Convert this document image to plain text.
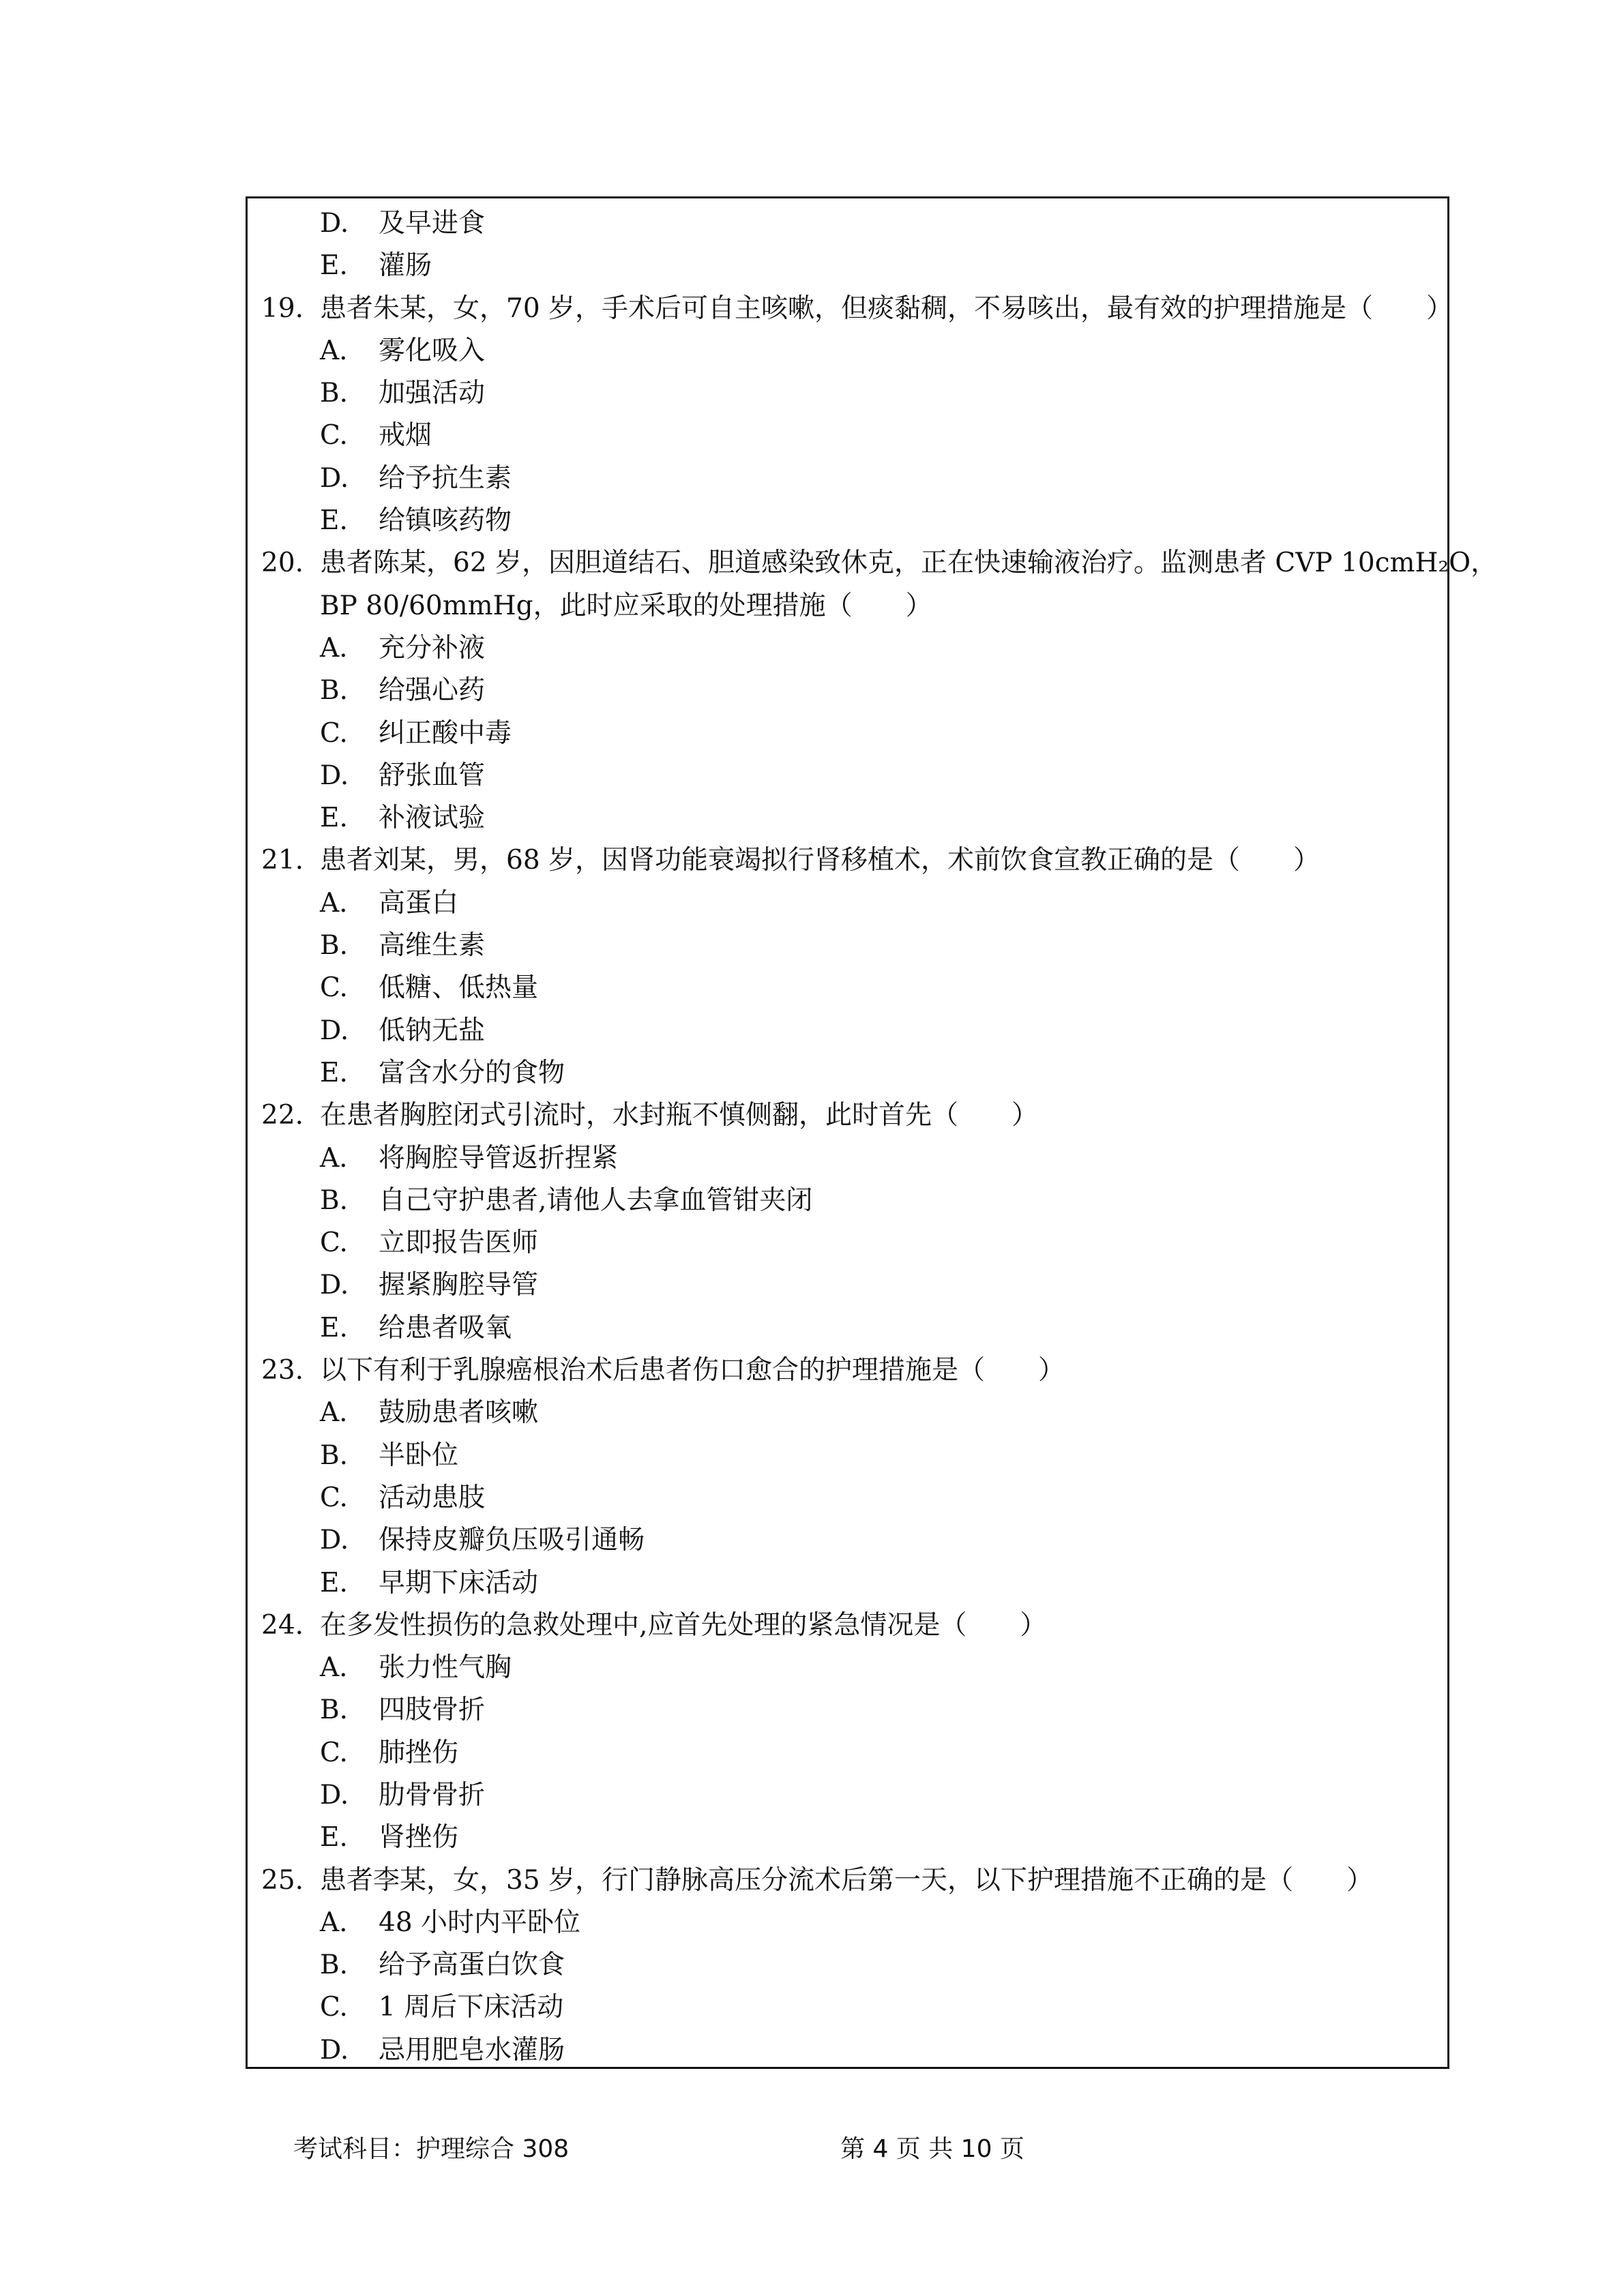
D. 及早进食
E. 灌肠
19. 患者朱某，女，70 岁，手术后可自主咳嗽，但痰黏稠，不易咳出，最有效的护理措施是（　　）
A. 雾化吸入
B. 加强活动
C. 戒烟
D. 给予抗生素
E. 给镇咳药物
20. 患者陈某，62 岁，因胆道结石、胆道感染致休克，正在快速输液治疗。监测患者 CVP 10cmH₂O，
BP 80/60mmHg，此时应采取的处理措施（　　）
A. 充分补液
B. 给强心药
C. 纠正酸中毒
D. 舒张血管
E. 补液试验
21. 患者刘某，男，68 岁，因肾功能衰竭拟行肾移植术，术前饮食宣教正确的是（　　）
A. 高蛋白
B. 高维生素
C. 低糖、低热量
D. 低钠无盐
E. 富含水分的食物
22. 在患者胸腔闭式引流时，水封瓶不慎侧翻，此时首先（　　）
A. 将胸腔导管返折捏紧
B. 自己守护患者,请他人去拿血管钳夹闭
C. 立即报告医师
D. 握紧胸腔导管
E. 给患者吸氧
23. 以下有利于乳腺癌根治术后患者伤口愈合的护理措施是（　　）
A. 鼓励患者咳嗽
B. 半卧位
C. 活动患肢
D. 保持皮瓣负压吸引通畅
E. 早期下床活动
24. 在多发性损伤的急救处理中,应首先处理的紧急情况是（　　）
A. 张力性气胸
B. 四肢骨折
C. 肺挫伤
D. 肋骨骨折
E. 肾挫伤
25. 患者李某，女，35 岁，行门静脉高压分流术后第一天，以下护理措施不正确的是（　　）
A. 48 小时内平卧位
B. 给予高蛋白饮食
C. 1 周后下床活动
D. 忌用肥皂水灌肠
考试科目：护理综合 308	第 4 页 共 10 页
